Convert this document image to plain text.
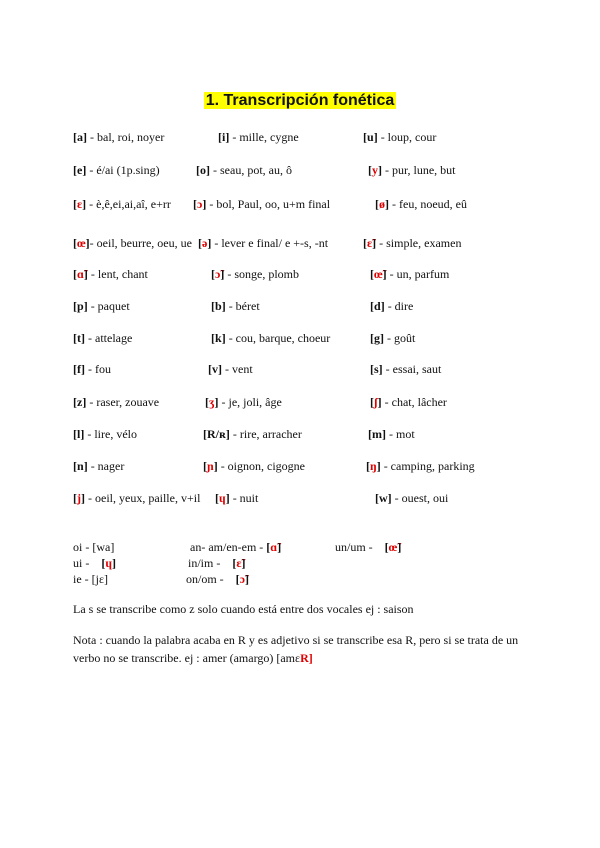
1. Transcripción fonética
[a] - bal, roi, noyer	[i] - mille, cygne	[u] - loup, cour
[e] - é/ai (1p.sing)	[o] - seau, pot, au, ô	[y] - pur, lune, but
[ɛ] - è,ê,ei,ai,aî, e+rr [ɔ] - bol, Paul, oo, u+m final	[ø] - feu, noeud, eû
[œ]- oeil, beurre, oeu, ue [ə] - lever e final/ e +-s, -nt	[ɛ̃] - simple, examen
[ɑ̃] - lent, chant	[ɔ̃] - songe, plomb	[œ̃] - un, parfum
[p] - paquet	[b] - béret	[d] - dire
[t] - attelage	[k] - cou, barque, choeur	[g] - goût
[f] - fou	[v] - vent	[s] - essai, saut
[z] - raser, zouave	[ʒ] - je, joli, âge	[ʃ] - chat, lâcher
[l] - lire, vélo	[R/ʀ] - rire, arracher	[m] - mot
[n] - nager	[ɲ] - oignon, cigogne	[ŋ] - camping, parking
[j] - oeil, yeux, paille, v+il [ɥ] - nuit	[w] - ouest, oui
oi - [wa]	an- am/en-em - [ɑ̃]	un/um -    [œ̃]
ui -    [ɥ]	in/im -    [ɛ̃]
ie - [jɛ]	on/om -    [ɔ̃]
La s se transcribe como z solo cuando está entre dos vocales ej : saison
Nota : cuando la palabra acaba en R y es adjetivo si se transcribe esa R, pero si se trata de un
verbo no se transcribe. ej : amer (amargo) [amɛR]
